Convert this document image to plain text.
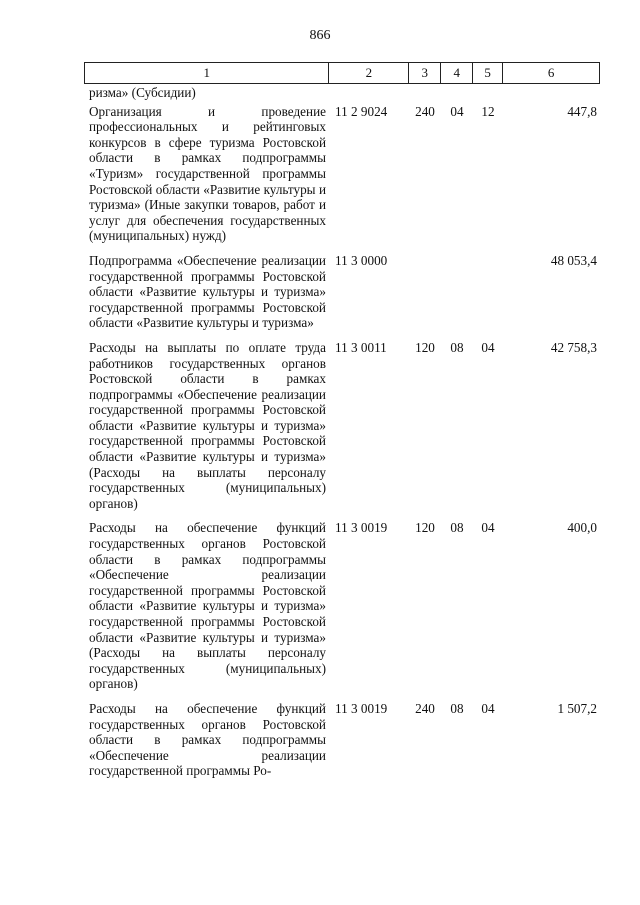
866
1	2	3	4	5	6
ризма» (Субсидии)					
Организация и проведение профессиональных и рейтинговых конкурсов в сфере туризма Ростовской области в рамках подпрограммы «Туризм» государственной программы Ростовской области «Развитие культуры и туризма» (Иные закупки товаров, работ и услуг для обеспечения государственных (муниципальных) нужд)	11 2 9024	240	04	12	447,8
Подпрограмма «Обеспечение реализации государственной программы Ростовской области «Развитие культуры и туризма» государственной программы Ростовской области «Развитие культуры и туризма»	11 3 0000				48 053,4
Расходы на выплаты по оплате труда работников государственных органов Ростовской области в рамках подпрограммы «Обеспечение реализации государственной программы Ростовской области «Развитие культуры и туризма» государственной программы Ростовской области «Развитие культуры и туризма» (Расходы на выплаты персоналу государственных (муниципальных) органов)	11 3 0011	120	08	04	42 758,3
Расходы на обеспечение функций государственных органов Ростовской области в рамках подпрограммы «Обеспечение реализации государственной программы Ростовской области «Развитие культуры и туризма» государственной программы Ростовской области «Развитие культуры и туризма» (Расходы на выплаты персоналу государственных (муниципальных) органов)	11 3 0019	120	08	04	400,0
Расходы на обеспечение функций государственных органов Ростовской области в рамках подпрограммы «Обеспечение реализации государственной программы Ро-	11 3 0019	240	08	04	1 507,2
